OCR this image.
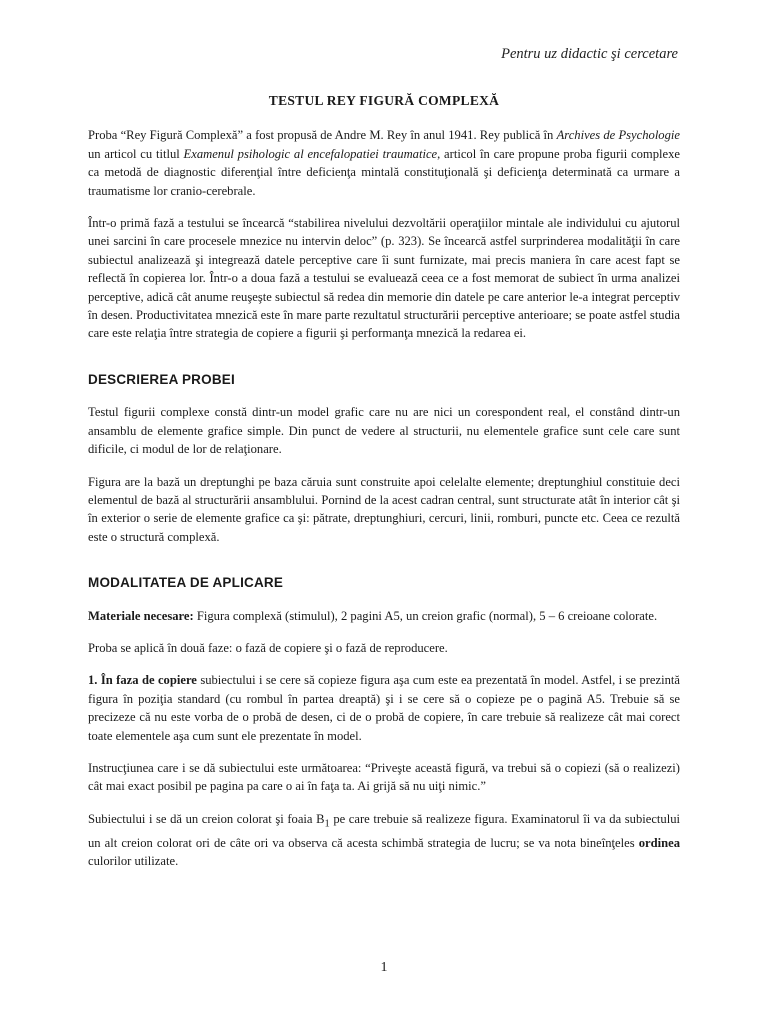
Pentru uz didactic şi cercetare
TESTUL REY FIGURĂ COMPLEXĂ

Proba “Rey Figură Complexă” a fost propusă de Andre M. Rey în anul 1941. Rey publică în Archives de Psychologie un articol cu titlul Examenul psihologic al encefalopatiei traumatice, articol în care propune proba figurii complexe ca metodă de diagnostic diferenţial între deficienţa mintală constituţională şi deficienţa determinată ca urmare a traumatisme lor cranio-cerebrale.

Într-o primă fază a testului se încearcă “stabilirea nivelului dezvoltării operaţiilor mintale ale individului cu ajutorul unei sarcini în care procesele mnezice nu intervin deloc” (p. 323). Se încearcă astfel surprinderea modalităţii în care subiectul analizează şi integrează datele perceptive care îi sunt furnizate, mai precis maniera în care acest fapt se reflectă în copierea lor. Într-o a doua fază a testului se evaluează ceea ce a fost memorat de subiect în urma analizei perceptive, adică cât anume reuşeşte subiectul să redea din memorie din datele pe care anterior le-a integrat perceptiv în desen. Productivitatea mnezică este în mare parte rezultatul structurării perceptive anterioare; se poate astfel studia care este relaţia între strategia de copiere a figurii şi performanţa mnezică la redarea ei.

DESCRIEREA PROBEI

Testul figurii complexe constă dintr-un model grafic care nu are nici un corespondent real, el constând dintr-un ansamblu de elemente grafice simple. Din punct de vedere al structurii, nu elementele grafice sunt cele care sunt dificile, ci modul de lor de relaţionare.

Figura are la bază un dreptunghi pe baza căruia sunt construite apoi celelalte elemente; dreptunghiul constituie deci elementul de bază al structurării ansamblului. Pornind de la acest cadran central, sunt structurate atât în interior cât şi în exterior o serie de elemente grafice ca şi: pătrate, dreptunghiuri, cercuri, linii, romburi, puncte etc. Ceea ce rezultă este o structură complexă.

MODALITATEA DE APLICARE

Materiale necesare: Figura complexă (stimulul), 2 pagini A5, un creion grafic (normal), 5 – 6 creioane colorate.

Proba se aplică în două faze: o fază de copiere şi o fază de reproducere.

1. În faza de copiere subiectului i se cere să copieze figura aşa cum este ea prezentată în model. Astfel, i se prezintă figura în poziţia standard (cu rombul în partea dreaptă) şi i se cere să o copieze pe o pagină A5. Trebuie să se precizeze că nu este vorba de o probă de desen, ci de o probă de copiere, în care trebuie să realizeze cât mai corect toate elementele aşa cum sunt ele prezentate în model.

Instrucţiunea care i se dă subiectului este următoarea: “Priveşte această figură, va trebui să o copiezi (să o realizezi) cât mai exact posibil pe pagina pa care o ai în faţa ta. Ai grijă să nu uiţi nimic.”

Subiectului i se dă un creion colorat şi foaia $B_1$ pe care trebuie să realizeze figura. Examinatorul îi va da subiectului un alt creion colorat ori de câte ori va observa că acesta schimbă strategia de lucru; se va nota bineînţeles ordinea culorilor utilizate.

1
